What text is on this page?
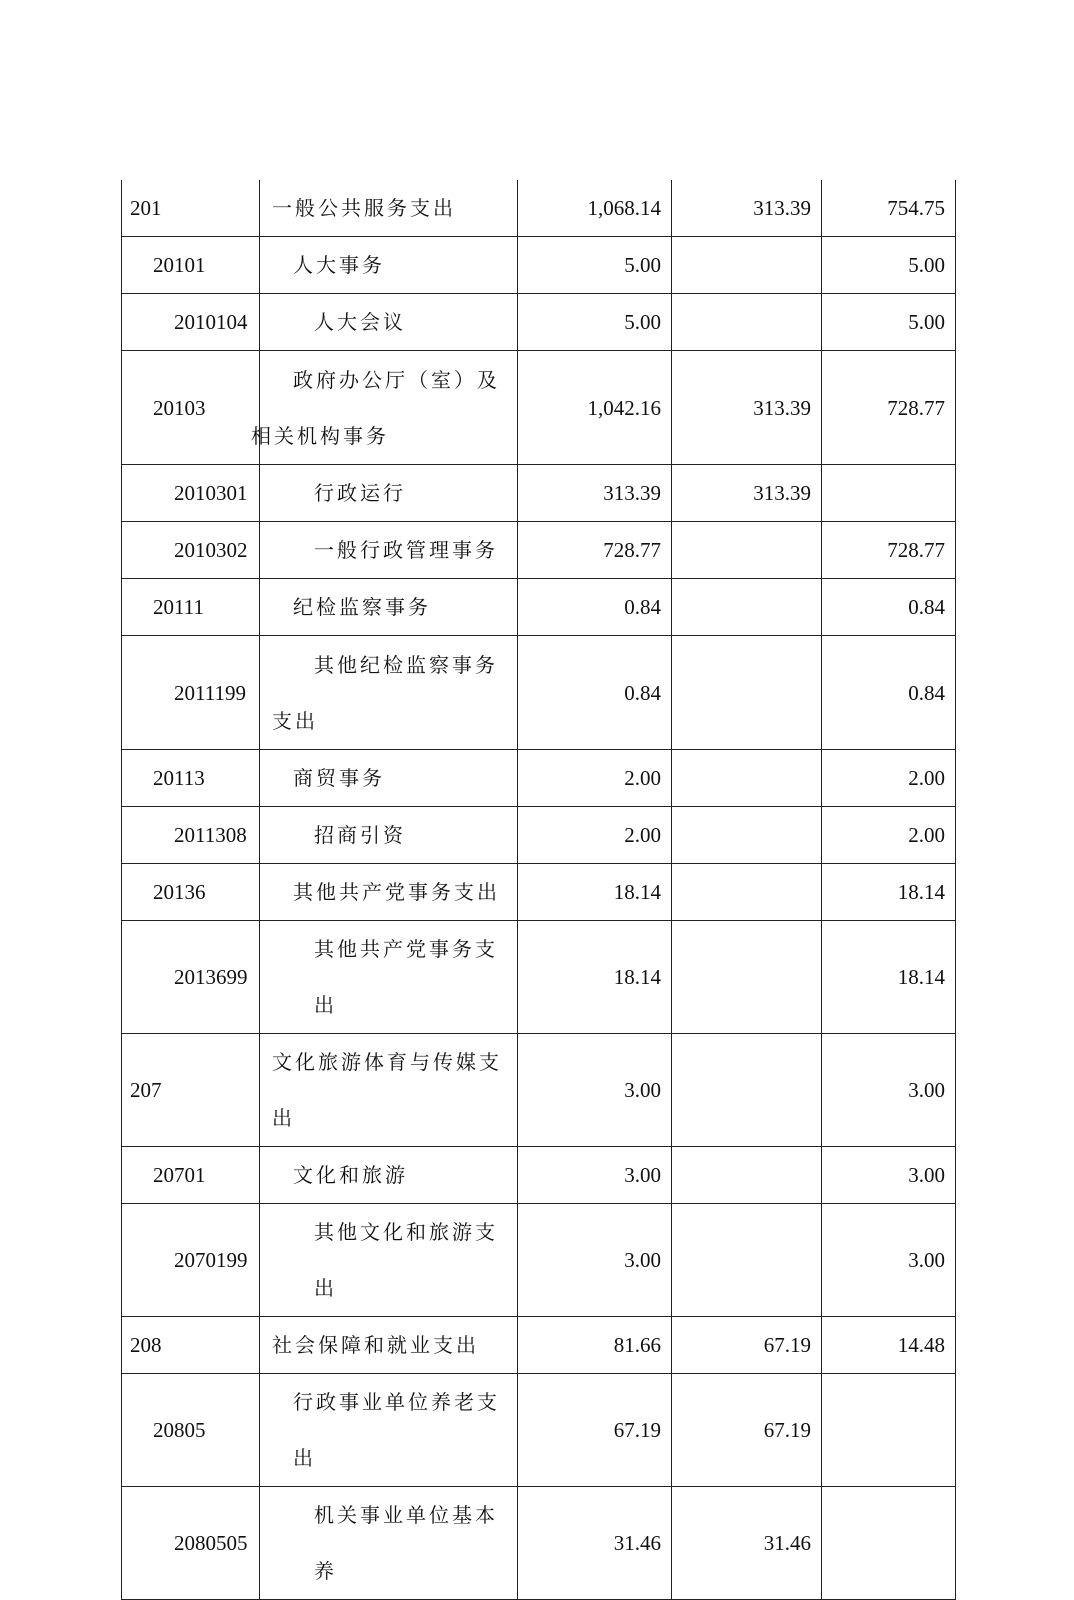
201	一般公共服务支出	1,068.14	313.39	754.75
20101	人大事务	5.00		5.00
2010104	人大会议	5.00		5.00
20103	政府办公厅（室）及相关机构事务	1,042.16	313.39	728.77
2010301	行政运行	313.39	313.39	
2010302	一般行政管理事务	728.77		728.77
20111	纪检监察事务	0.84		0.84
2011199	其他纪检监察事务支出	0.84		0.84
20113	商贸事务	2.00		2.00
2011308	招商引资	2.00		2.00
20136	其他共产党事务支出	18.14		18.14
2013699	其他共产党事务支出	18.14		18.14
207	文化旅游体育与传媒支出	3.00		3.00
20701	文化和旅游	3.00		3.00
2070199	其他文化和旅游支出	3.00		3.00
208	社会保障和就业支出	81.66	67.19	14.48
20805	行政事业单位养老支出	67.19	67.19	
2080505	机关事业单位基本养	31.46	31.46	
